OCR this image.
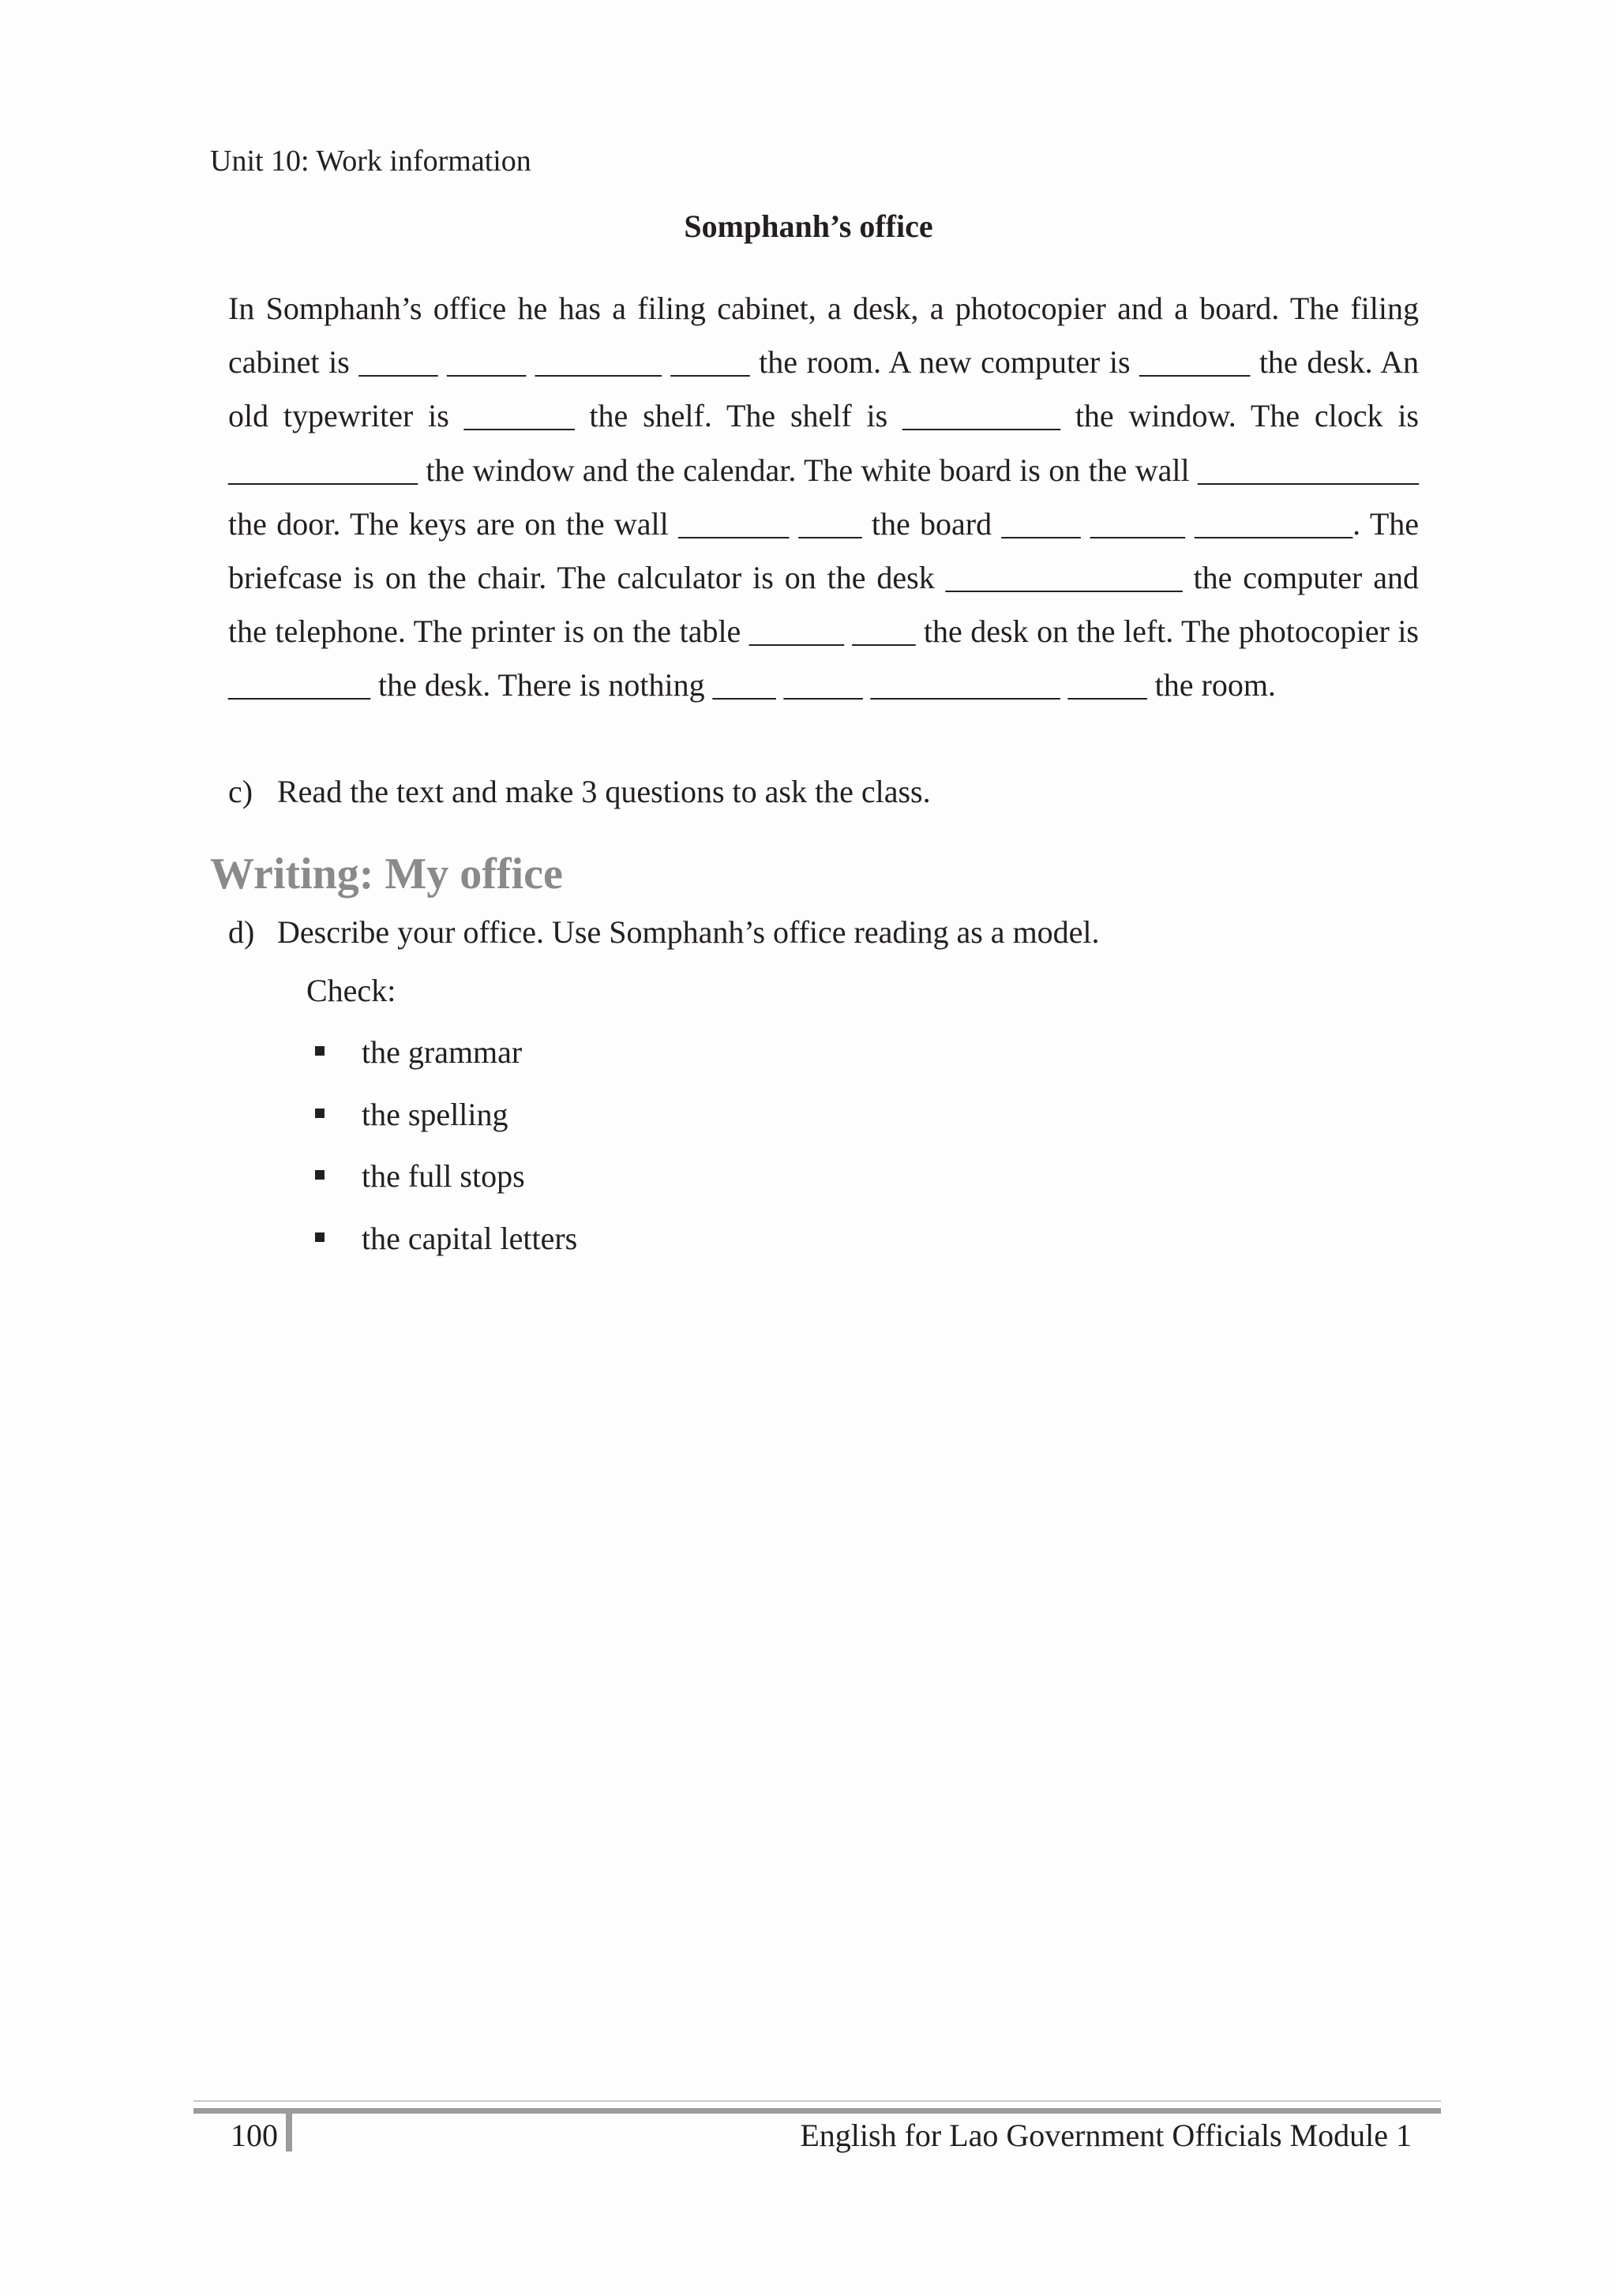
Unit 10: Work information
Somphanh’s office

In Somphanh’s office he has a filing cabinet, a desk, a photocopier and a board. The filing cabinet is _____ _____ ________ _____ the room. A new computer is _______ the desk. An old typewriter is _______ the shelf. The shelf is __________ the window. The clock is ____________ the window and the calendar. The white board is on the wall ______________ the door. The keys are on the wall _______ ____ the board _____ ______ __________. The briefcase is on the chair. The calculator is on the desk _______________ the computer and the telephone. The printer is on the table ______ ____ the desk on the left. The photocopier is _________ the desk. There is nothing ____ _____ ____________ _____ the room.

c) Read the text and make 3 questions to ask the class.
Writing: My office
d) Describe your office. Use Somphanh’s office reading as a model.
Check:
the grammar
the spelling
the full stops
the capital letters
100	English for Lao Government Officials Module 1
